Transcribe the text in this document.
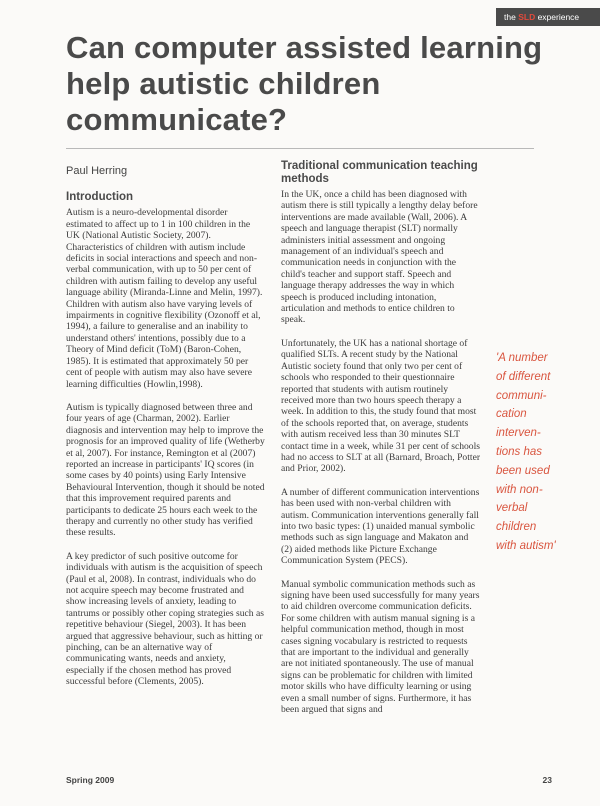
the SLD experience
Can computer assisted learning help autistic children communicate?
Paul Herring
Introduction

Autism is a neuro-developmental disorder estimated to affect up to 1 in 100 children in the UK (National Autistic Society, 2007). Characteristics of children with autism include deficits in social interactions and speech and non-verbal communication, with up to 50 per cent of children with autism failing to develop any useful language ability (Miranda-Linne and Melin, 1997). Children with autism also have varying levels of impairments in cognitive flexibility (Ozonoff et al, 1994), a failure to generalise and an inability to understand others' intentions, possibly due to a Theory of Mind deficit (ToM) (Baron-Cohen, 1985). It is estimated that approximately 50 per cent of people with autism may also have severe learning difficulties (Howlin,1998).

Autism is typically diagnosed between three and four years of age (Charman, 2002). Earlier diagnosis and intervention may help to improve the prognosis for an improved quality of life (Wetherby et al, 2007). For instance, Remington et al (2007) reported an increase in participants' IQ scores (in some cases by 40 points) using Early Intensive Behavioural Intervention, though it should be noted that this improvement required parents and participants to dedicate 25 hours each week to the therapy and currently no other study has verified these results.

A key predictor of such positive outcome for individuals with autism is the acquisition of speech (Paul et al, 2008). In contrast, individuals who do not acquire speech may become frustrated and show increasing levels of anxiety, leading to tantrums or possibly other coping strategies such as repetitive behaviour (Siegel, 2003). It has been argued that aggressive behaviour, such as hitting or pinching, can be an alternative way of communicating wants, needs and anxiety, especially if the chosen method has proved successful before (Clements, 2005).

Traditional communication teaching methods

In the UK, once a child has been diagnosed with autism there is still typically a lengthy delay before interventions are made available (Wall, 2006). A speech and language therapist (SLT) normally administers initial assessment and ongoing management of an individual's speech and communication needs in conjunction with the child's teacher and support staff. Speech and language therapy addresses the way in which speech is produced including intonation, articulation and methods to entice children to speak.

Unfortunately, the UK has a national shortage of qualified SLTs. A recent study by the National Autistic society found that only two per cent of schools who responded to their questionnaire reported that students with autism routinely received more than two hours speech therapy a week. In addition to this, the study found that most of the schools reported that, on average, students with autism received less than 30 minutes SLT contact time in a week, while 31 per cent of schools had no access to SLT at all (Barnard, Broach, Potter and Prior, 2002).

A number of different communication interventions has been used with non-verbal children with autism. Communication interventions generally fall into two basic types: (1) unaided manual symbolic methods such as sign language and Makaton and (2) aided methods like Picture Exchange Communication System (PECS).

Manual symbolic communication methods such as signing have been used successfully for many years to aid children overcome communication deficits. For some children with autism manual signing is a helpful communication method, though in most cases signing vocabulary is restricted to requests that are important to the individual and generally are not initiated spontaneously. The use of manual signs can be problematic for children with limited motor skills who have difficulty learning or using even a small number of signs. Furthermore, it has been argued that signs and

'A number
of different
communi-
cation
interven-
tions has
been used
with non-
verbal
children
with autism'
Spring 2009	23
